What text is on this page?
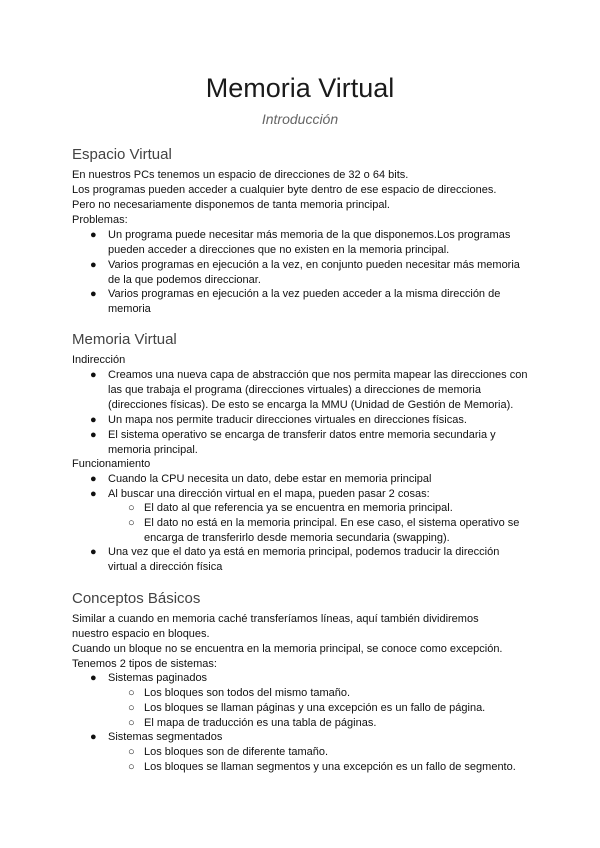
Memoria Virtual

Introducción

Espacio Virtual

En nuestros PCs tenemos un espacio de direcciones de 32 o 64 bits.

Los programas pueden acceder a cualquier byte dentro de ese espacio de direcciones.

Pero no necesariamente disponemos de tanta memoria principal.

Problemas:

● Un programa puede necesitar más memoria de la que disponemos.Los programas pueden acceder a direcciones que no existen en la memoria principal.

● Varios programas en ejecución a la vez, en conjunto pueden necesitar más memoria de la que podemos direccionar.

● Varios programas en ejecución a la vez pueden acceder a la misma dirección de memoria

Memoria Virtual

Indirección

● Creamos una nueva capa de abstracción que nos permita mapear las direcciones con las que trabaja el programa (direcciones virtuales) a direcciones de memoria (direcciones físicas). De esto se encarga la MMU (Unidad de Gestión de Memoria).

● Un mapa nos permite traducir direcciones virtuales en direcciones físicas.

● El sistema operativo se encarga de transferir datos entre memoria secundaria y memoria principal.

Funcionamiento

● Cuando la CPU necesita un dato, debe estar en memoria principal

● Al buscar una dirección virtual en el mapa, pueden pasar 2 cosas:

○ El dato al que referencia ya se encuentra en memoria principal.

○ El dato no está en la memoria principal. En ese caso, el sistema operativo se encarga de transferirlo desde memoria secundaria (swapping).

● Una vez que el dato ya está en memoria principal, podemos traducir la dirección virtual a dirección física

Conceptos Básicos

Similar a cuando en memoria caché transferíamos líneas, aquí también dividiremos nuestro espacio en bloques.

Cuando un bloque no se encuentra en la memoria principal, se conoce como excepción.

Tenemos 2 tipos de sistemas:

● Sistemas paginados

○ Los bloques son todos del mismo tamaño.

○ Los bloques se llaman páginas y una excepción es un fallo de página.

○ El mapa de traducción es una tabla de páginas.

● Sistemas segmentados

○ Los bloques son de diferente tamaño.

○ Los bloques se llaman segmentos y una excepción es un fallo de segmento.
